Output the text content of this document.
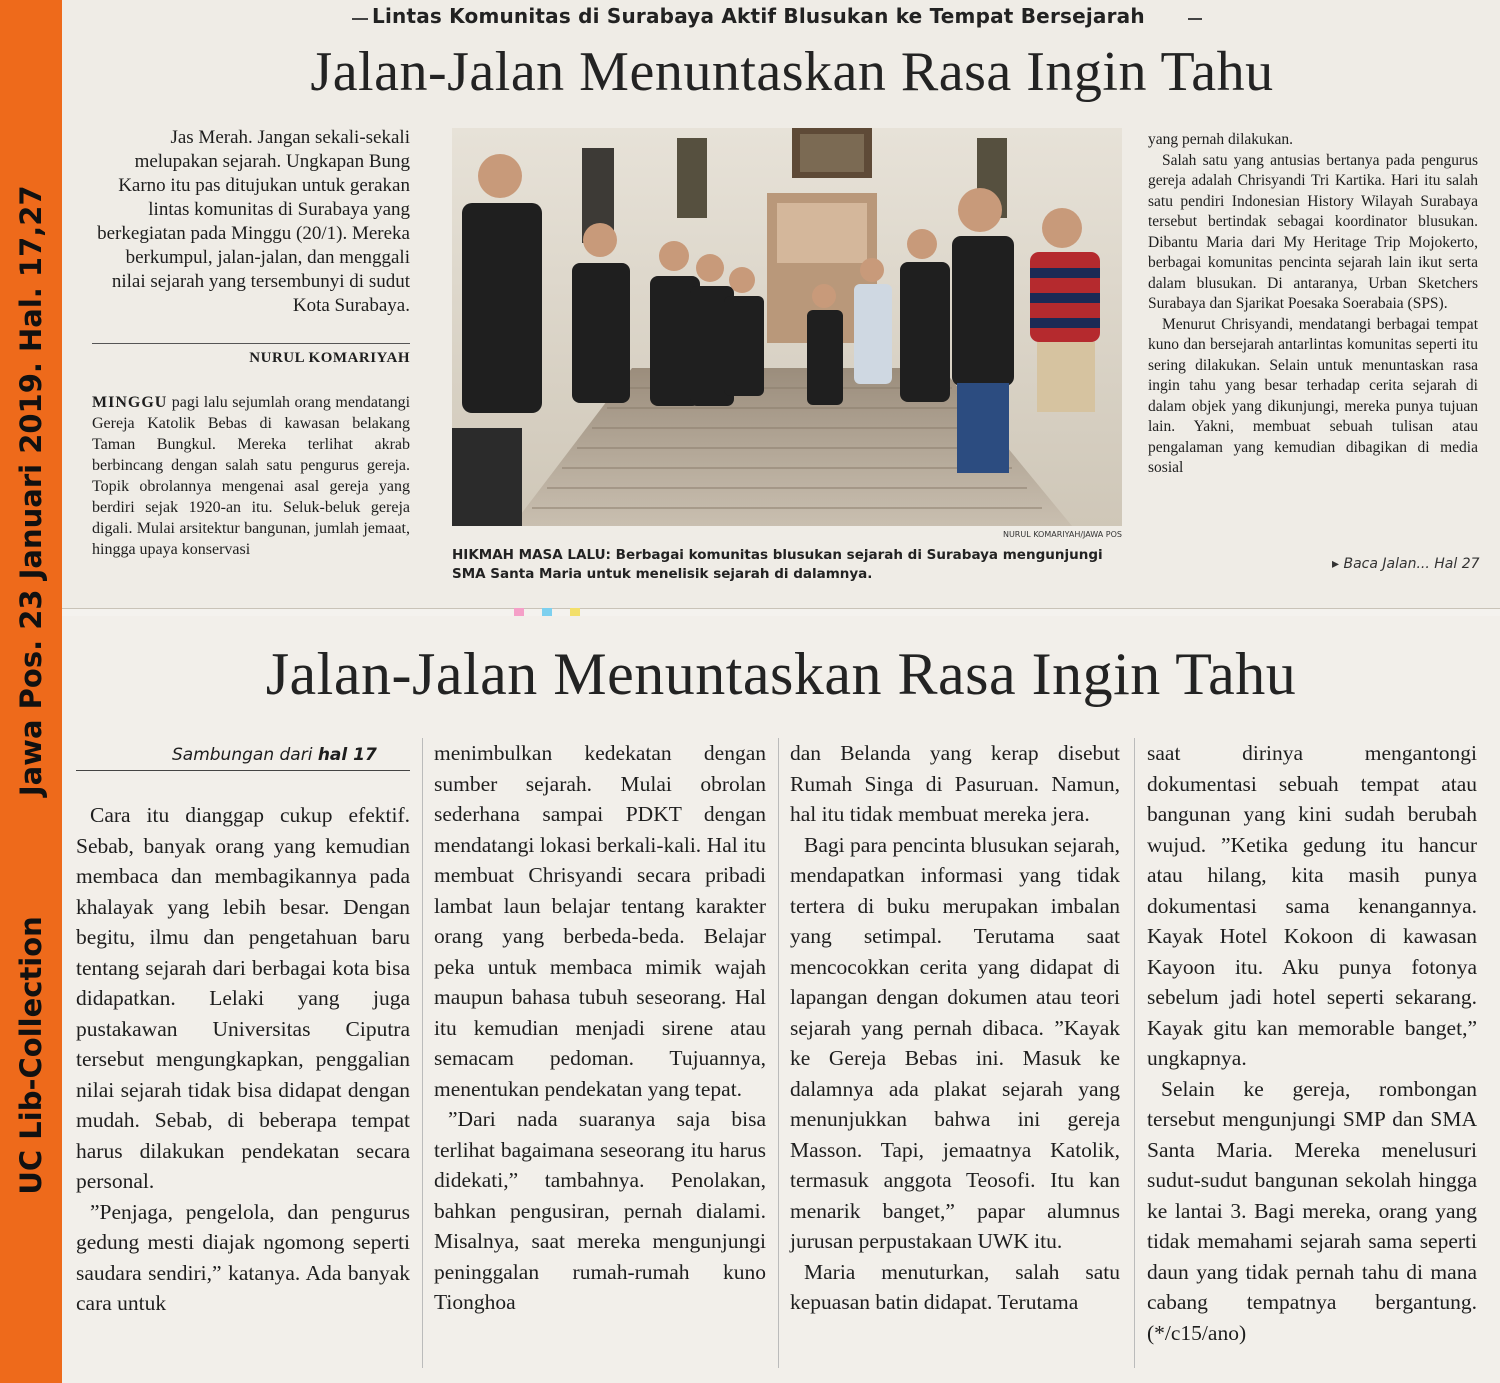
UC Lib-CollectionJawa Pos. 23 Januari 2019. Hal. 17,27
Lintas Komunitas di Surabaya Aktif Blusukan ke Tempat Bersejarah
Jalan-Jalan Menuntaskan Rasa Ingin Tahu
Jas Merah. Jangan sekali-sekali melupakan sejarah. Ungkapan Bung Karno itu pas ditujukan untuk gerakan lintas komunitas di Surabaya yang berkegiatan pada Minggu (20/1). Mereka berkumpul, jalan-jalan, dan menggali nilai sejarah yang tersembunyi di sudut Kota Surabaya.
NURUL KOMARIYAH
MINGGU pagi lalu sejumlah orang mendatangi Gereja Katolik Bebas di kawasan belakang Taman Bungkul. Mereka terlihat akrab berbincang dengan salah satu pengurus gereja. Topik obrolannya mengenai asal gereja yang berdiri sejak 1920-an itu. Seluk-beluk gereja digali. Mulai arsitektur bangunan, jumlah jemaat, hingga upaya konservasi
NURUL KOMARIYAH/JAWA POS
HIKMAH MASA LALU: Berbagai komunitas blusukan sejarah di Surabaya mengunjungi SMA Santa Maria untuk menelisik sejarah di dalamnya.

yang pernah dilakukan.

Salah satu yang antusias bertanya pada pengurus gereja adalah Chrisyandi Tri Kartika. Hari itu salah satu pendiri Indonesian History Wilayah Surabaya tersebut bertindak sebagai koordinator blusukan. Dibantu Maria dari My Heritage Trip Mojokerto, berbagai komunitas pencinta sejarah lain ikut serta dalam blusukan. Di antaranya, Urban Sketchers Surabaya dan Sjarikat Poesaka Soerabaia (SPS).

Menurut Chrisyandi, mendatangi berbagai tempat kuno dan bersejarah antarlintas komunitas seperti itu sering dilakukan. Selain untuk menuntaskan rasa ingin tahu yang besar terhadap cerita sejarah di dalam objek yang dikunjungi, mereka punya tujuan lain. Yakni, membuat sebuah tulisan atau pengalaman yang kemudian dibagikan di media sosial

▸ Baca Jalan... Hal 27
Jalan-Jalan Menuntaskan Rasa Ingin Tahu
Sambungan dari hal 17

Cara itu dianggap cukup efektif. Sebab, banyak orang yang kemudian membaca dan membagikannya pada khalayak yang lebih besar. Dengan begitu, ilmu dan pengetahuan baru tentang sejarah dari berbagai kota bisa didapatkan. Lelaki yang juga pustakawan Universitas Ciputra tersebut mengungkapkan, penggalian nilai sejarah tidak bisa didapat dengan mudah. Sebab, di beberapa tempat harus dilakukan pendekatan secara personal.

”Penjaga, pengelola, dan pengurus gedung mesti diajak ngomong seperti saudara sendiri,” katanya. Ada banyak cara untuk

menimbulkan kedekatan dengan sumber sejarah. Mulai obrolan sederhana sampai PDKT dengan mendatangi lokasi berkali-kali. Hal itu membuat Chrisyandi secara pribadi lambat laun belajar tentang karakter orang yang berbeda-beda. Belajar peka untuk membaca mimik wajah maupun bahasa tubuh seseorang. Hal itu kemudian menjadi sirene atau semacam pedoman. Tujuannya, menentukan pendekatan yang tepat.

”Dari nada suaranya saja bisa terlihat bagaimana seseorang itu harus didekati,” tambahnya. Penolakan, bahkan pengusiran, pernah dialami. Misalnya, saat mereka mengunjungi peninggalan rumah-rumah kuno Tionghoa

dan Belanda yang kerap disebut Rumah Singa di Pasuruan. Namun, hal itu tidak membuat mereka jera.

Bagi para pencinta blusukan sejarah, mendapatkan informasi yang tidak tertera di buku merupakan imbalan yang setimpal. Terutama saat mencocokkan cerita yang didapat di lapangan dengan dokumen atau teori sejarah yang pernah dibaca. ”Kayak ke Gereja Bebas ini. Masuk ke dalamnya ada plakat sejarah yang menunjukkan bahwa ini gereja Masson. Tapi, jemaatnya Katolik, termasuk anggota Teosofi. Itu kan menarik banget,” papar alumnus jurusan perpustakaan UWK itu.

Maria menuturkan, salah satu kepuasan batin didapat. Terutama

saat dirinya mengantongi dokumentasi sebuah tempat atau bangunan yang kini sudah berubah wujud. ”Ketika gedung itu hancur atau hilang, kita masih punya dokumentasi sama kenangannya. Kayak Hotel Kokoon di kawasan Kayoon itu. Aku punya fotonya sebelum jadi hotel seperti sekarang. Kayak gitu kan memorable banget,” ungkapnya.

Selain ke gereja, rombongan tersebut mengunjungi SMP dan SMA Santa Maria. Mereka menelusuri sudut-sudut bangunan sekolah hingga ke lantai 3. Bagi mereka, orang yang tidak memahami sejarah sama seperti daun yang tidak pernah tahu di mana cabang tempatnya bergantung. (*/c15/ano)
